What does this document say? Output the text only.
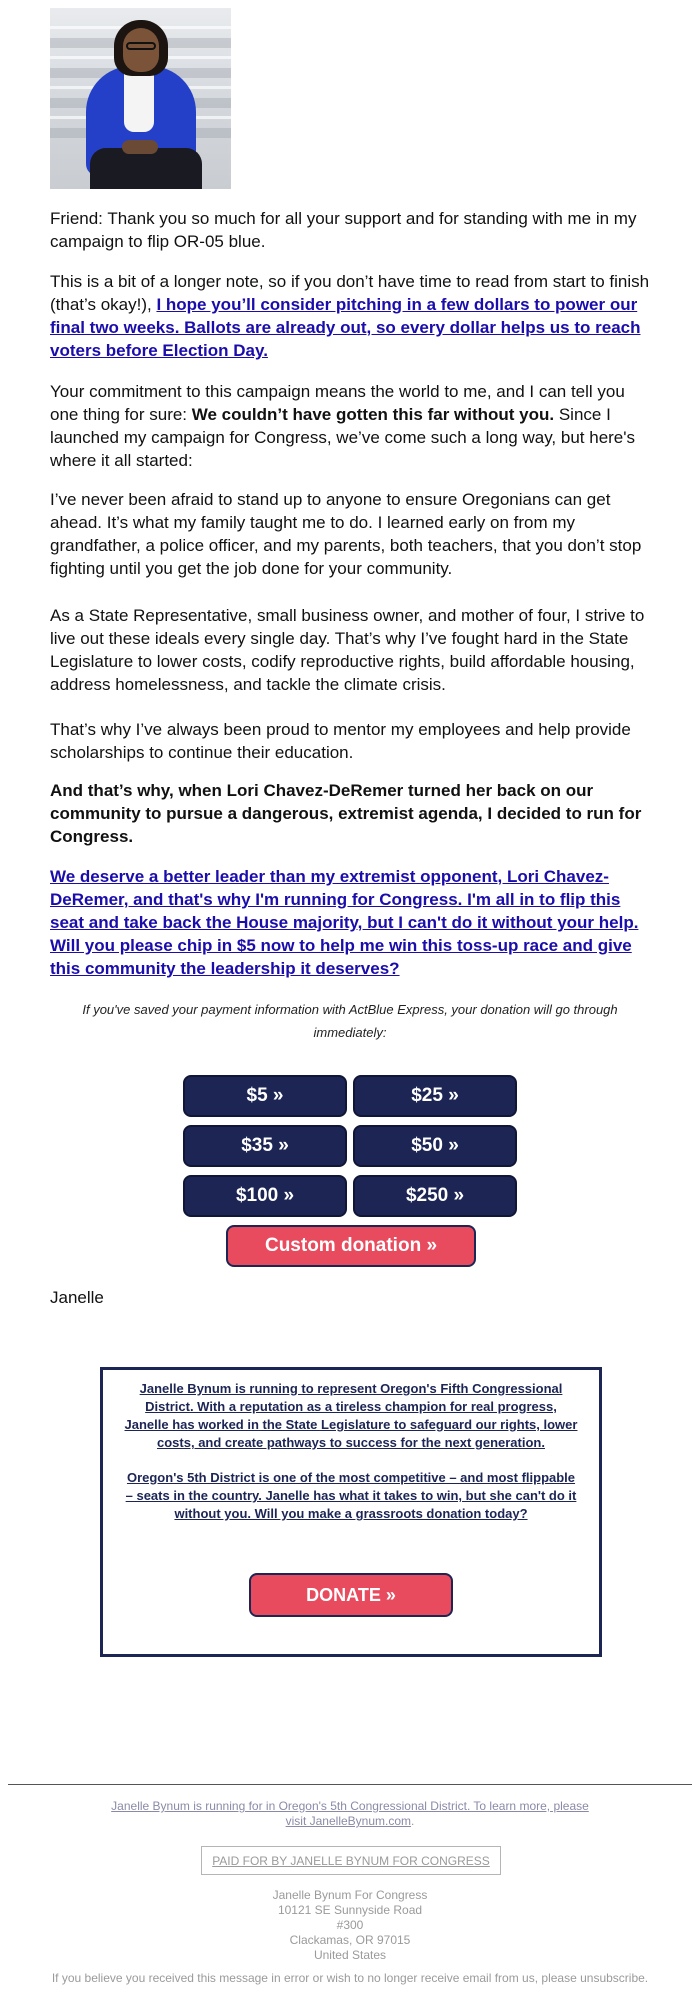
Friend: Thank you so much for all your support and for standing with me in my campaign to flip OR-05 blue.

This is a bit of a longer note, so if you don’t have time to read from start to finish (that’s okay!), I hope you’ll consider pitching in a few dollars to power our final two weeks. Ballots are already out, so every dollar helps us to reach voters before Election Day.

Your commitment to this campaign means the world to me, and I can tell you one thing for sure: We couldn’t have gotten this far without you. Since I launched my campaign for Congress, we’ve come such a long way, but here's where it all started:

I’ve never been afraid to stand up to anyone to ensure Oregonians can get ahead. It’s what my family taught me to do. I learned early on from my grandfather, a police officer, and my parents, both teachers, that you don’t stop fighting until you get the job done for your community.

As a State Representative, small business owner, and mother of four, I strive to live out these ideals every single day. That’s why I’ve fought hard in the State Legislature to lower costs, codify reproductive rights, build affordable housing, address homelessness, and tackle the climate crisis.

That’s why I’ve always been proud to mentor my employees and help provide scholarships to continue their education.

And that’s why, when Lori Chavez-DeRemer turned her back on our community to pursue a dangerous, extremist agenda, I decided to run for Congress.

We deserve a better leader than my extremist opponent, Lori Chavez-DeRemer, and that's why I'm running for Congress. I'm all in to flip this seat and take back the House majority, but I can't do it without your help. Will you please chip in $5 now to help me win this toss-up race and give this community the leadership it deserves?

If you've saved your payment information with ActBlue Express, your donation will go through immediately:

$5 »	$25 »
$35 »	$50 »
$100 »	$250 »
Custom donation »
Janelle
Janelle Bynum is running to represent Oregon's Fifth Congressional District. With a reputation as a tireless champion for real progress, Janelle has worked in the State Legislature to safeguard our rights, lower costs, and create pathways to success for the next generation.
Oregon's 5th District is one of the most competitive – and most flippable – seats in the country. Janelle has what it takes to win, but she can't do it without you. Will you make a grassroots donation today?
DONATE »
Janelle Bynum is running for in Oregon's 5th Congressional District. To learn more, please
visit JanelleBynum.com.
PAID FOR BY JANELLE BYNUM FOR CONGRESS
Janelle Bynum For Congress
10121 SE Sunnyside Road
#300
Clackamas, OR 97015
United States
If you believe you received this message in error or wish to no longer receive email from us, please unsubscribe.
